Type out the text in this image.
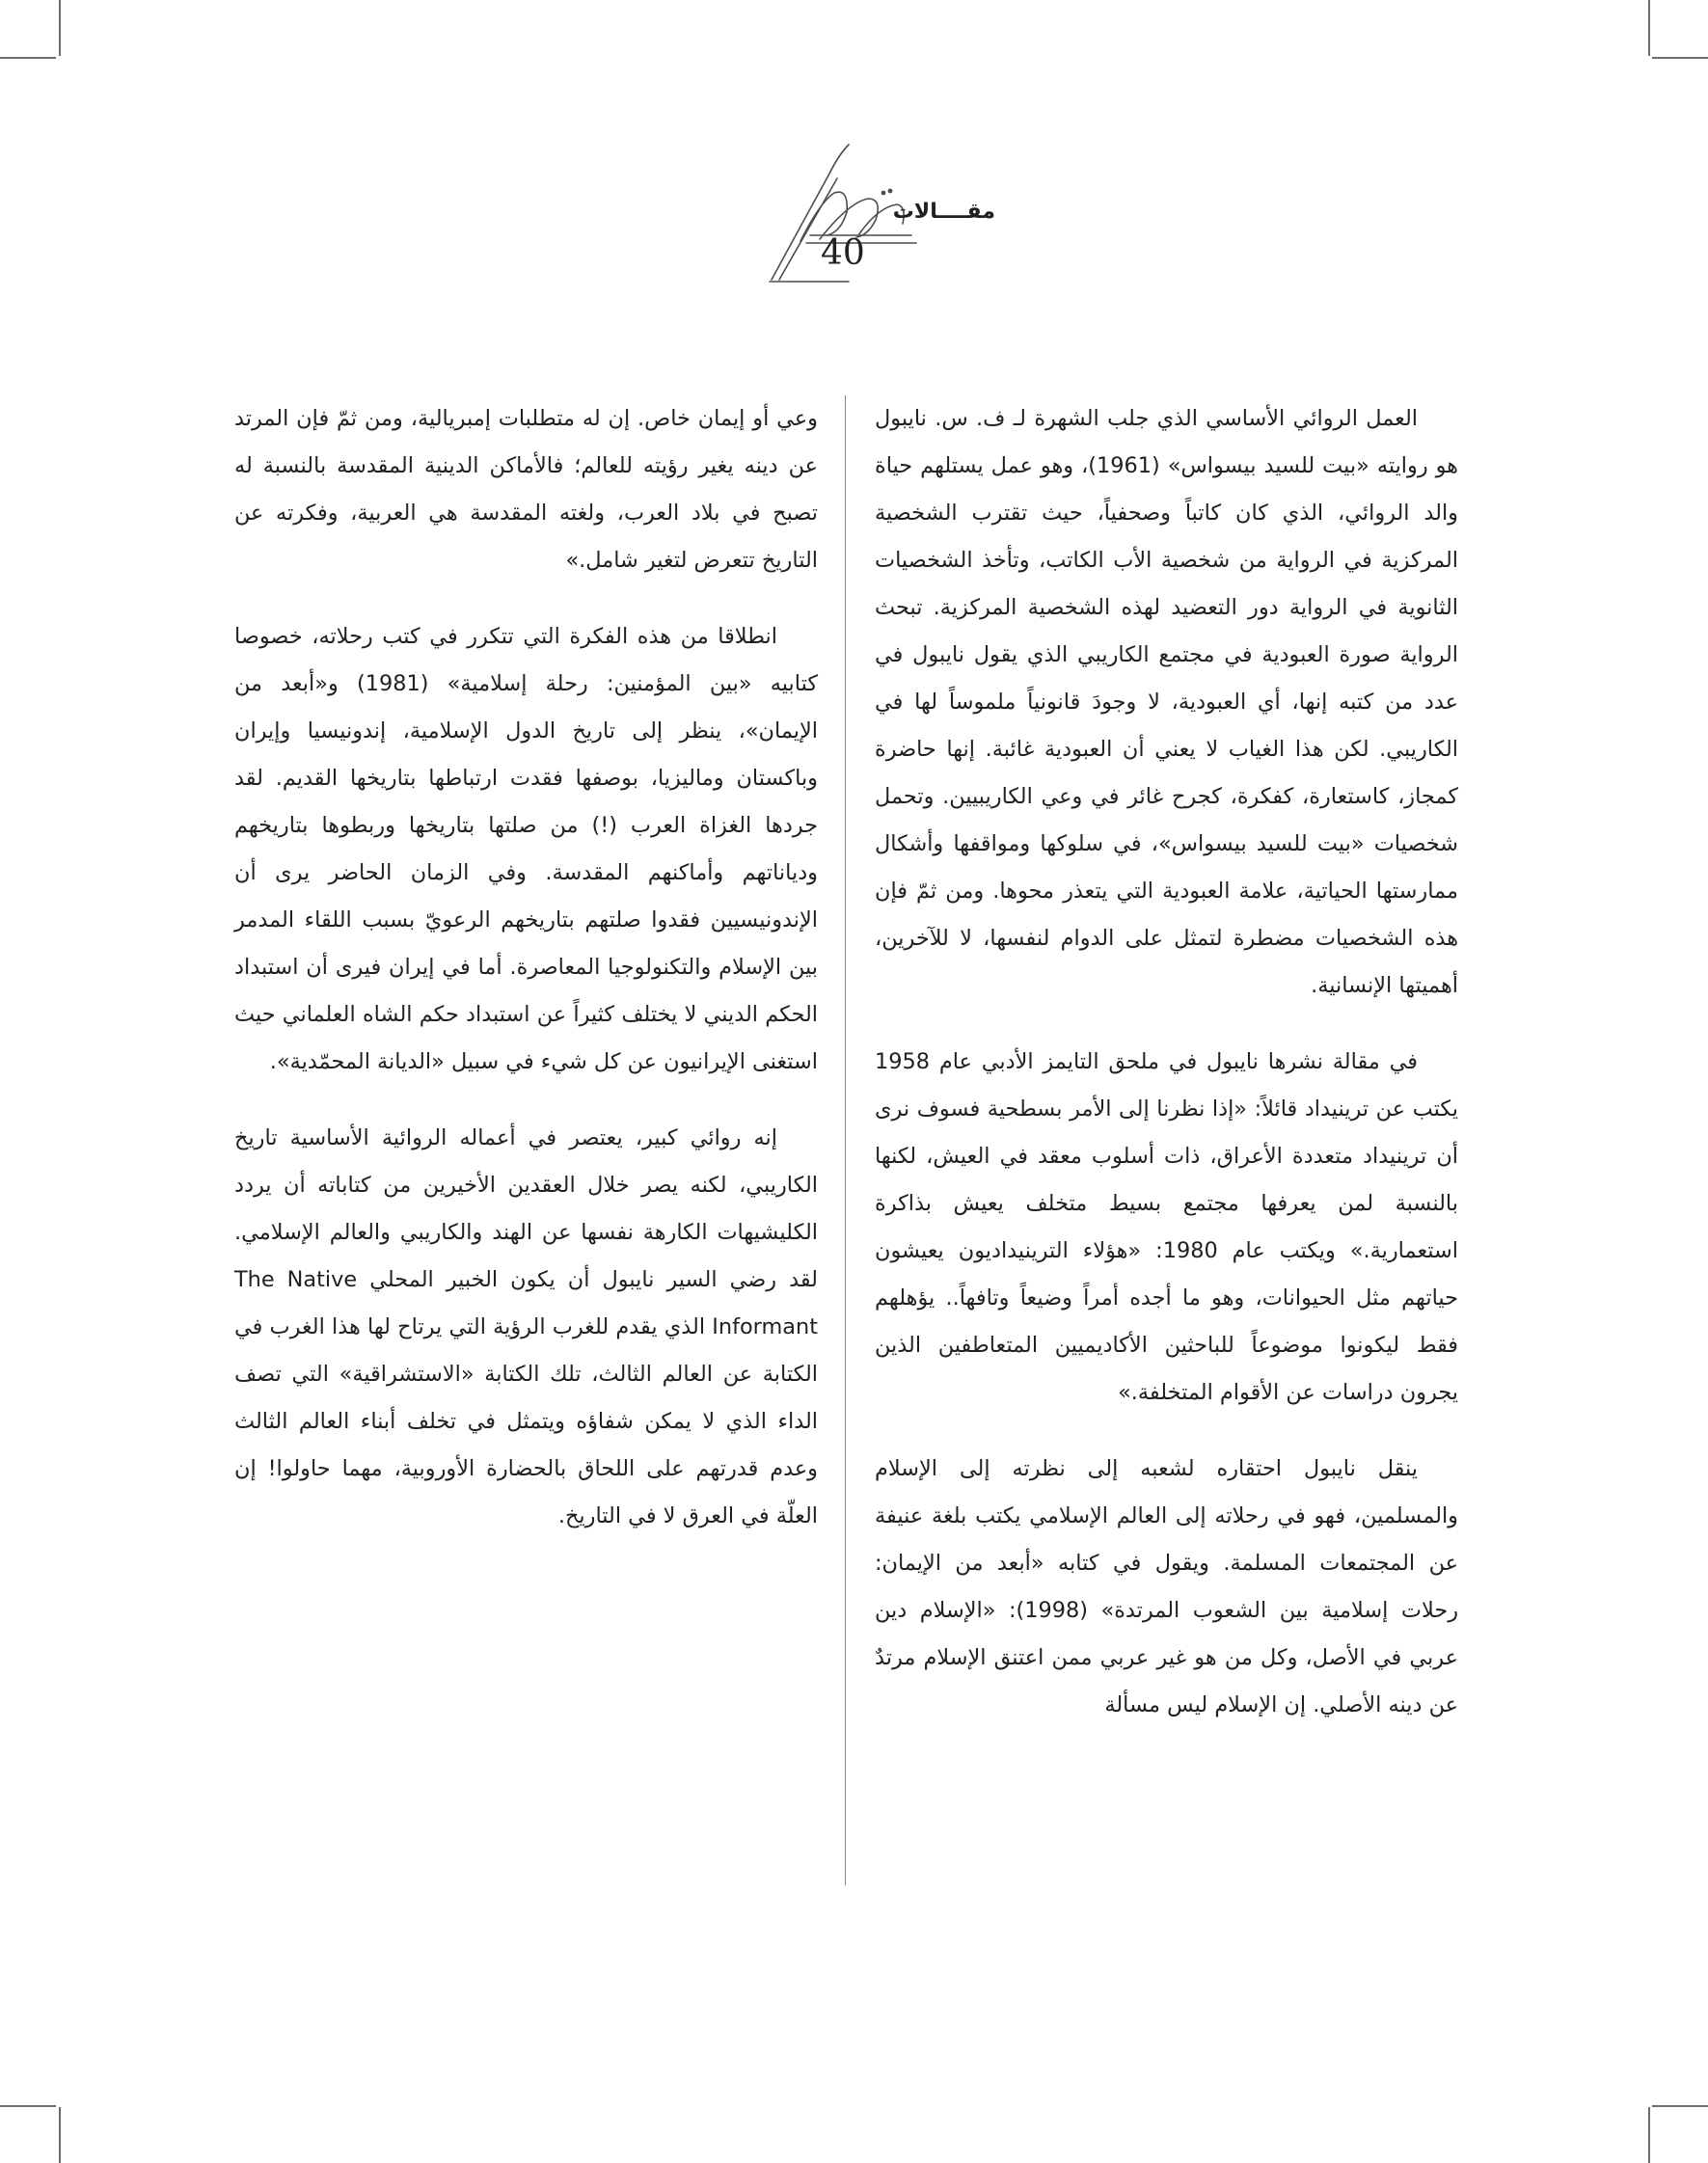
مقــــالات
40

العمل الروائي الأساسي الذي جلب الشهرة لـ ف. س. نايبول هو روايته «بيت للسيد بيسواس» (1961)، وهو عمل يستلهم حياة والد الروائي، الذي كان كاتباً وصحفياً، حيث تقترب الشخصية المركزية في الرواية من شخصية الأب الكاتب، وتأخذ الشخصيات الثانوية في الرواية دور التعضيد لهذه الشخصية المركزية. تبحث الرواية صورة العبودية في مجتمع الكاريبي الذي يقول نايبول في عدد من كتبه إنها، أي العبودية، لا وجودَ قانونياً ملموساً لها في الكاريبي. لكن هذا الغياب لا يعني أن العبودية غائبة. إنها حاضرة كمجاز، كاستعارة، كفكرة، كجرح غائر في وعي الكاريبيين. وتحمل شخصيات «بيت للسيد بيسواس»، في سلوكها ومواقفها وأشكال ممارستها الحياتية، علامة العبودية التي يتعذر محوها. ومن ثمّ فإن هذه الشخصيات مضطرة لتمثل على الدوام لنفسها، لا للآخرين، أهميتها الإنسانية.

في مقالة نشرها نايبول في ملحق التايمز الأدبي عام 1958 يكتب عن ترينيداد قائلاً: «إذا نظرنا إلى الأمر بسطحية فسوف نرى أن ترينيداد متعددة الأعراق، ذات أسلوب معقد في العيش، لكنها بالنسبة لمن يعرفها مجتمع بسيط متخلف يعيش بذاكرة استعمارية.» ويكتب عام 1980: «هؤلاء الترينيداديون يعيشون حياتهم مثل الحيوانات، وهو ما أجده أمراً وضيعاً وتافهاً.. يؤهلهم فقط ليكونوا موضوعاً للباحثين الأكاديميين المتعاطفين الذين يجرون دراسات عن الأقوام المتخلفة.»

ينقل نايبول احتقاره لشعبه إلى نظرته إلى الإسلام والمسلمين، فهو في رحلاته إلى العالم الإسلامي يكتب بلغة عنيفة عن المجتمعات المسلمة. ويقول في كتابه «أبعد من الإيمان: رحلات إسلامية بين الشعوب المرتدة» (1998): «الإسلام دين عربي في الأصل، وكل من هو غير عربي ممن اعتنق الإسلام مرتدٌ عن دينه الأصلي. إن الإسلام ليس مسألة

وعي أو إيمان خاص. إن له متطلبات إمبريالية، ومن ثمّ فإن المرتد عن دينه يغير رؤيته للعالم؛ فالأماكن الدينية المقدسة بالنسبة له تصبح في بلاد العرب، ولغته المقدسة هي العربية، وفكرته عن التاريخ تتعرض لتغير شامل.»

انطلاقا من هذه الفكرة التي تتكرر في كتب رحلاته، خصوصا كتابيه «بين المؤمنين: رحلة إسلامية» (1981) و«أبعد من الإيمان»، ينظر إلى تاريخ الدول الإسلامية، إندونيسيا وإيران وباكستان وماليزيا، بوصفها فقدت ارتباطها بتاريخها القديم. لقد جردها الغزاة العرب (!) من صلتها بتاريخها وربطوها بتاريخهم ودياناتهم وأماكنهم المقدسة. وفي الزمان الحاضر يرى أن الإندونيسيين فقدوا صلتهم بتاريخهم الرعويّ بسبب اللقاء المدمر بين الإسلام والتكنولوجيا المعاصرة. أما في إيران فيرى أن استبداد الحكم الديني لا يختلف كثيراً عن استبداد حكم الشاه العلماني حيث استغنى الإيرانيون عن كل شيء في سبيل «الديانة المحمّدية».

إنه روائي كبير، يعتصر في أعماله الروائية الأساسية تاريخ الكاريبي، لكنه يصر خلال العقدين الأخيرين من كتاباته أن يردد الكليشيهات الكارهة نفسها عن الهند والكاريبي والعالم الإسلامي. لقد رضي السير نايبول أن يكون الخبير المحلي The Native Informant الذي يقدم للغرب الرؤية التي يرتاح لها هذا الغرب في الكتابة عن العالم الثالث، تلك الكتابة «الاستشراقية» التي تصف الداء الذي لا يمكن شفاؤه ويتمثل في تخلف أبناء العالم الثالث وعدم قدرتهم على اللحاق بالحضارة الأوروبية، مهما حاولوا! إن العلّة في العرق لا في التاريخ.
